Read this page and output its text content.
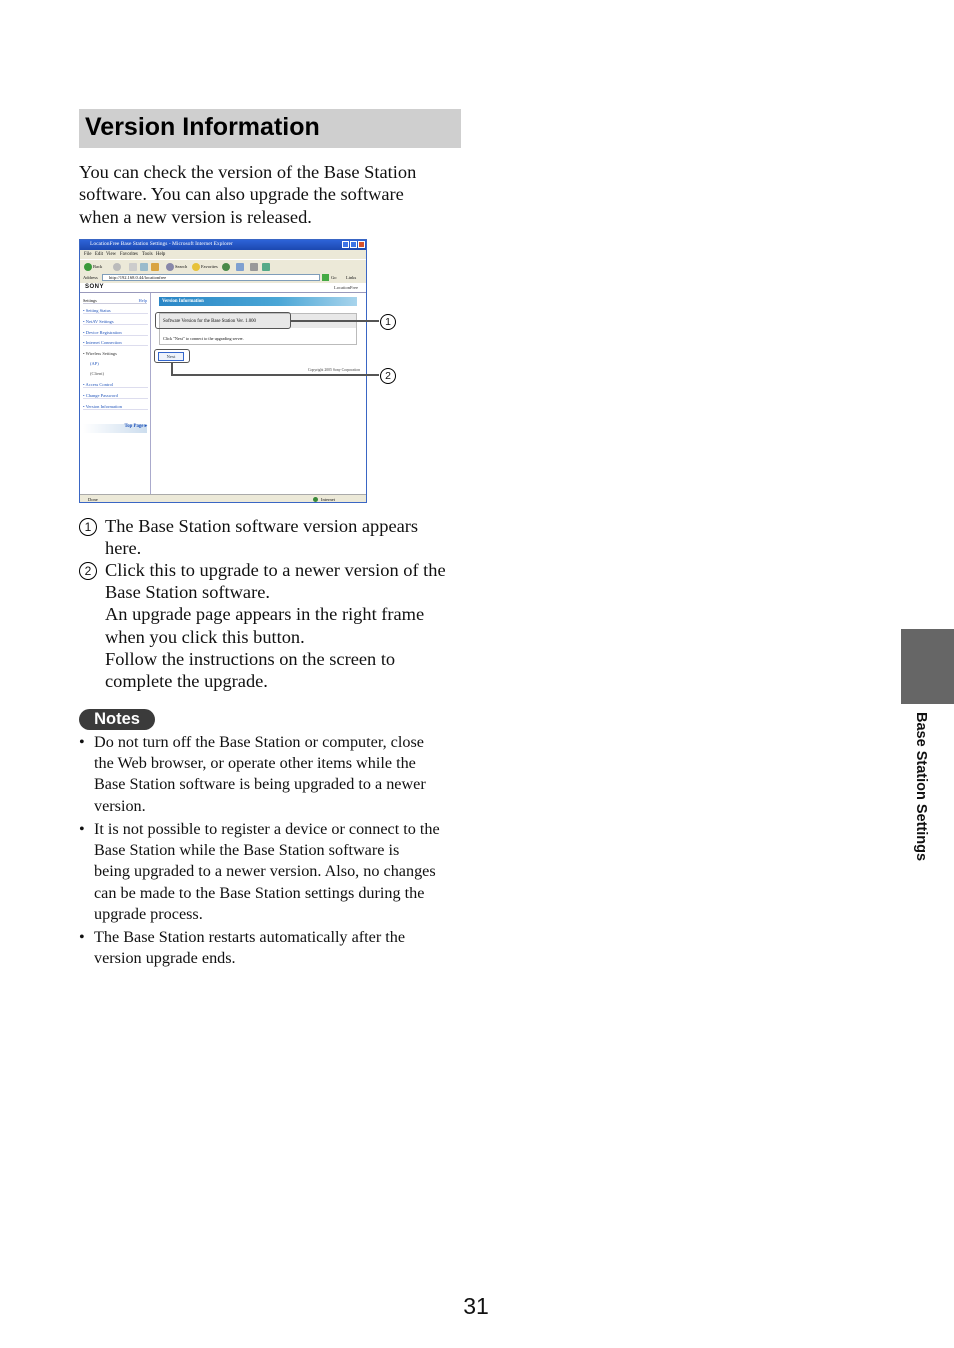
Version Information
You can check the version of the Base Station
software. You can also upgrade the software
when a new version is released.
LocationFree Base Station Settings - Microsoft Internet Explorer
File Edit View Favorites Tools Help
Back	Search	Favorites
Address	http://192.168.0.44/locationfree	Go Links
SONY	LocationFree
Settings	Help
• Setting Status
• NetAV Settings
• Device Registration
• Internet Connection
• Wireless Settings
(AP)
(Client)
• Access Control
• Change Password
• Version Information
Top Page ▸
Version Information
Software Version for the Base Station Ver. 1.000
Click "Next" to connect to the upgrading server.
Next
Copyright 2005 Sony Corporation
Done	Internet
1
2
1 The Base Station software version appears
here.
2 Click this to upgrade to a newer version of the
Base Station software.
An upgrade page appears in the right frame
when you click this button.
Follow the instructions on the screen to
complete the upgrade.
Notes
• Do not turn off the Base Station or computer, close
the Web browser, or operate other items while the
Base Station software is being upgraded to a newer
version.
• It is not possible to register a device or connect to the
Base Station while the Base Station software is
being upgraded to a newer version. Also, no changes
can be made to the Base Station settings during the
upgrade process.
• The Base Station restarts automatically after the
version upgrade ends.
Base Station Settings
31
